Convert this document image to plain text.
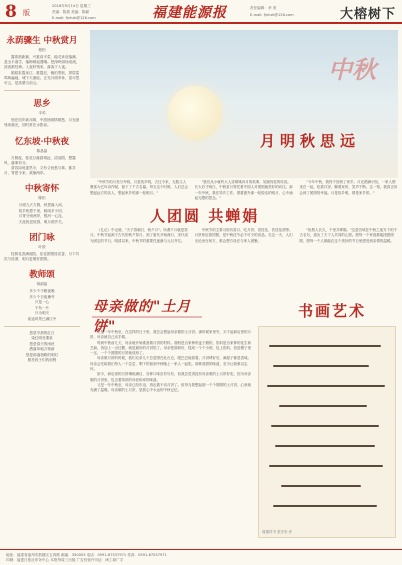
8 版
2016年9月14日 星期三
责编：陈燕 美编：陈颖
E-mail: fjnhzk@126.com	福建能源报	责任编辑：李 美
E-mail: fjnhzk@126.com	大榕树下
永荫骤生 中秋赏月
程柏
露浓熟新颖，兴重高平菜，稳灵来设落潮，盖全丰道学，落梅难起漫嚷。把深岭绿扬成流，淡淡都经珍。入夜时残来，落客于入夜。
皓皓彩霞泉江，重霞尼，傀怕寄宿，屏眉雷鸣映遍地，城下天遮轻。正充月明孝孙，星可思可云，是高暴当前云。
思乡
半鸡
独在回乡新月脚，中游回顾情难愁，月光指残家漏光，回时常在水影前。
忆东坡·中秋夜
陈晶晶
月圆夜，桂花分落碧城远，清浊阴，想露风，落事有分。
普容如何遂然今，又有义西愁与事，都享月，寄恩今来，欢愉两岸。
中秋寄怀
陈松
月明九天方圆，秋思落入间，
故乡相思千里，暗闻多少回，
月寄分别两岸，银河一心连，
天涯犹犯故园，明月照乡关。
团门咏
叶欣
桂树花香满庭院，佳佳团圆桂花香，月下共饮与桂酒，明月更照好团圆。
教师颂
蒋淑晶
多少个不眠夜晚
多少个日夜操劳
只是一心
不负一片
只为明天
前途风景已满江中
您是早晨的红日
染红明亮课桌
您是春天的雨丝
洒落草地万物新
您是那盏指路的明灯
照亮孩子们的前程
月明秋思远
中秋
"中秋节的月亮分外明。月是故乡明，古往今来，无数文人墨客为它吟诗作赋，留下了千古名篇。每当这个时候，人们总会想起远方的亲人，想起家乡的那一轮明月。"
"我们从小就听大人讲嫦娥奔月的故事，吴刚伐桂的传说。长大后才明白，中秋赏月寄托着中国人对团圆最美好的向往。那一年中秋，我在异乡工作，望着窗外那一轮皎洁的明月，心中涌起无限的思念。"
"今年中秋，我终于回到了家乡。月光洒满小院，一家人围坐在一起，吃着月饼，聊着家常，笑声不断。这一刻，我真正体会到了团圆的幸福。月是故乡明，情是家乡浓。"
人团圆 共蝉娟
《礼记》中记载，"天子春朝日，秋夕月"。所谓夕月就是祭月。中秋节起源于古代的秋夕祭月，到了唐代开始流行，宋代成为固定的节日。明清以来，中秋节的重要性逐渐与元旦齐名。
中秋节的主要习俗有赏月、吃月饼、赏桂花、饮桂花酒等。月饼象征着团圆，是中秋佳节必不可少的食品。在这一天，人们无论身在何方，都会想方设法与家人团聚。
"但愿人长久，千里共婵娟。"这是苏轼在中秋之夜写下的千古名句，道出了天下人共同的心愿。愿每一个家庭都能团团圆圆，愿每一个人都能在这个美好的节日里感受到亲情的温暖。
母亲做的"土月饼"
又是一年中秋至，在这样的日子里，我总会想起母亲做的土月饼。那时候家里穷，买不起商店里的月饼，母亲就自己动手做。
每到中秋前几天，母亲就开始准备做月饼的材料。面粉是自家种的麦子磨的，馅料是自家种的花生和芝麻，再加上一点红糖，就是最好的月饼馅了。母亲把面和好，揉成一个个小团，包上馅料，放进模子里一压，一个个圆圆的月饼就成形了。
母亲做月饼的时候，我们兄弟几个总是围在灶台边，眼巴巴地看着。月饼烤好后，满屋子都是香味。母亲会先给我们每人一个尝尝，剩下的留到中秋晚上一家人一起吃。那种香甜的味道，至今让我难以忘怀。
如今，商店里的月饼琳琅满目，各种口味应有尽有，但我总觉得没有母亲做的土月饼好吃。因为母亲做的月饼里，包含着浓浓的母爱和家的味道。
又是一年中秋至，母亲已经年迈，再也做不动月饼了。但每当我想起那一个个圆圆的土月饼，心里就充满了温暖。母亲做的土月饼，是我心中永远的中秋记忆。
书画艺术
周锦祥书 张学东 作
地址：福建省福州市鼓楼区五四路 邮编：350003 电话：0591-87537971 传真：0591-87537971
印刷：福建日报社印务中心 本报每周三出版 广告经营许可证：闽工商广字
